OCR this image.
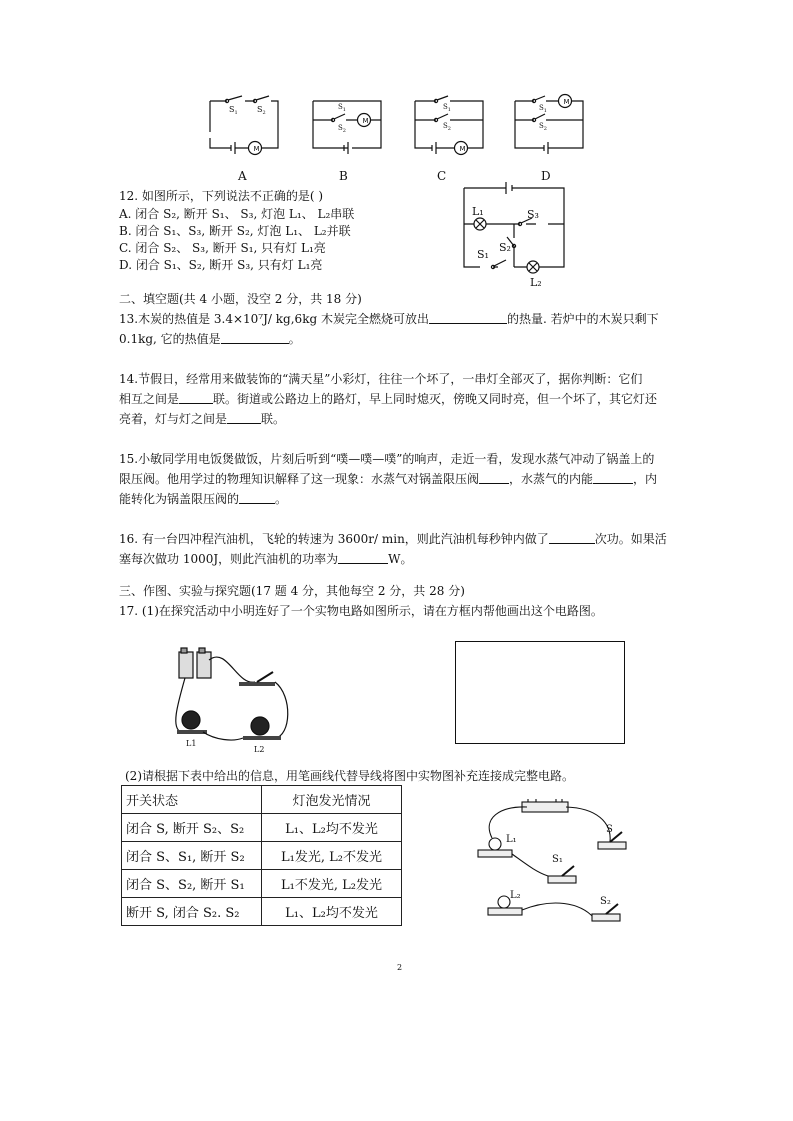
M
$S_1$ $S_2$
M
$S_1$
$S_2$
M
$S_1$
$S_2$
M
$S_1$
$S_2$
A	B	C	D
12. 如图所示，下列说法不正确的是( )
A. 闭合 S₂, 断开 S₁、 S₃, 灯泡 L₁、 L₂串联
B. 闭合 S₁、S₃, 断开 S₂, 灯泡 L₁、 L₂并联
C. 闭合 S₂、 S₃, 断开 S₁, 只有灯 L₁亮
D. 闭合 S₁、S₂, 断开 S₃, 只有灯 L₁亮
L₁	S₃
S₂
S₁
L₂
二、填空题(共 4 小题，没空 2 分，共 18 分)
13.木炭的热值是 3.4×10⁷J/ kg,6kg 木炭完全燃烧可放出	的热量. 若炉中的木炭只剩下
0.1kg, 它的热值是	。
14.节假日，经常用来做装饰的“满天星”小彩灯，往往一个坏了，一串灯全部灭了，据你判断：它们
相互之间是	联。街道或公路边上的路灯，早上同时熄灭，傍晚又同时亮，但一个坏了，其它灯还
亮着，灯与灯之间是	联。
15.小敏同学用电饭煲做饭，片刻后听到“噗—噗—噗”的响声，走近一看，发现水蒸气冲动了锅盖上的
限压阀。他用学过的物理知识解释了这一现象：水蒸气对锅盖限压阀	，水蒸气的内能	，内
能转化为锅盖限压阀的	。
16. 有一台四冲程汽油机，飞轮的转速为 3600r/ min，则此汽油机每秒钟内做了	次功。如果活
塞每次做功 1000J，则此汽油机的功率为	W。
三、作图、实验与探究题(17 题 4 分，其他每空 2 分，共 28 分)
17. (1)在探究活动中小明连好了一个实物电路如图所示，请在方框内帮他画出这个电路图。
L1
L2
(2)请根据下表中给出的信息，用笔画线代替导线将图中实物图补充连接成完整电路。
开关状态	灯泡发光情况
闭合 S, 断开 S₂、S₂	L₁、L₂均不发光
闭合 S、S₁, 断开 S₂	L₁发光, L₂不发光
闭合 S、S₂, 断开 S₁	L₁不发光, L₂发光
断开 S, 闭合 S₂. S₂	L₁、L₂均不发光
L₁
S
S₁
L₂
S₂
2
